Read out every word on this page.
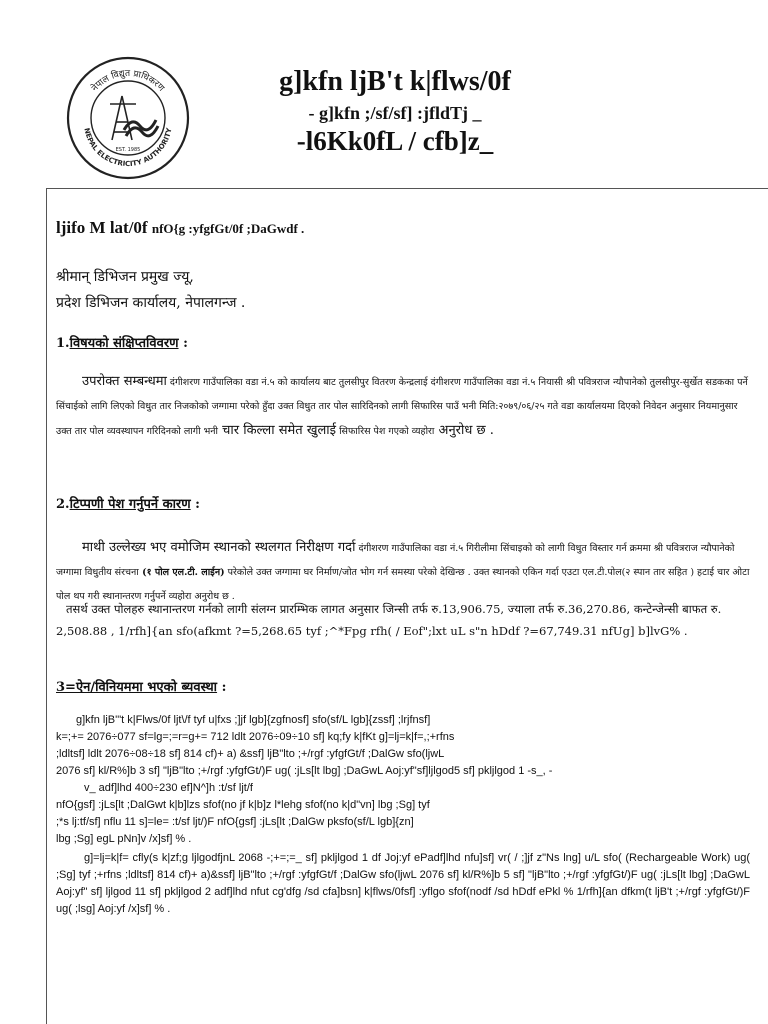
नेपाल विद्युत प्राधिकरण
NEPAL ELECTRICITY AUTHORITY
EST. 1985
g]kfn ljB't k|flws/0f
- g]kfn ;/sf/sf] :jfldTj _
-l6Kk0fL / cfb]z_
ljifo M lat/0f nfO{g :yfgfGt/0f ;DaGwdf .
श्रीमान् डिभिजन प्रमुख ज्यू,
प्रदेश डिभिजन कार्यालय, नेपालगन्ज .
1.विषयको संक्षिप्तविवरण :
उपरोक्त सम्बन्धमा दंगीशरण गाउँपालिका वडा नं.५ को कार्यालय बाट तुलसीपुर वितरण केन्द्रलाई दंगीशरण गाउँपालिका वडा नं.५ नियासी श्री पवित्रराज न्यौपानेको तुलसीपुर-सुर्खेत सडकका पर्ने सिंचाईको लागि लिएको विधुत तार निजकोको जग्गामा परेको हुँदा उक्त विधुत तार पोल सारिदिनको लागी सिफारिस पाउँ भनी मिति:२०७९/०६/२५ गते वडा कार्यालयमा दिएको निवेदन अनुसार नियमानुसार उक्त तार पोल व्यवस्थापन गरिदिनको लागी भनी चार किल्ला समेत खुलाई सिफारिस पेश गएको व्यहोरा अनुरोध छ .
2.टिप्पणी पेश गर्नुपर्ने कारण :
माथी उल्लेख्य भए वमोजिम स्थानको स्थलगत निरीक्षण गर्दा दंगीशरण गाउँपालिका वडा नं.५ गिरीलीमा सिंचाइको को लागी विधुत विस्तार गर्न क्रममा श्री पवित्रराज न्यौपानेको जग्गामा विधुतीय संरचना (१ पोल एल.टी. लाईन) परेकोले उक्त जग्गामा घर निर्माण/जोत भोग गर्न समस्या परेको देखिन्छ . उक्त स्थानको एकिन गर्दा एउटा एल.टी.पोल(२ स्पान तार सहित ) हटाई चार ओटा पोल थप गरी स्थानान्तरण गर्नुपर्ने व्यहोरा अनुरोध छ .
तसर्थ उक्त पोलहरु स्थानान्तरण गर्नको लागी संलग्न प्रारम्भिक लागत अनुसार जिन्सी तर्फ रु.13,906.75, ज्याला तर्फ रु.36,270.86, कन्टेन्जेन्सी बाफत रु. 2,508.88 , 1/rfh]{an sfo(afkmt ?=5,268.65 tyf ;^*Fpg rfh( / Eof";lxt uL s"n hDdf ?=67,749.31 nfUg] b]lvG% .
3=ऐन/विनियममा भएको ब्यवस्था :

g]kfn ljB'"t k|Flws/0f ljt\/f tyf u|fxs ;]jf lgb]{zgfnosf] sfo(sf/L lgb]{zssf] ;lrjfnsf]

k=;+= 2076÷077 sf=lg=;=r=g+= 712 ldlt 2076÷09÷10 sf] kq;fy k|fKt g]=lj=k|f=,;+rfns

;ldltsf] ldlt 2076÷08÷18 sf] 814 cf)+ a) &ssf] ljB"lto ;+/rgf :yfgfGt/f ;DalGw sfo(ljwL

2076 sf] kl/R%]b 3 sf] "ljB"lto ;+/rgf :yfgfGt/)F ug( :jLs[lt lbg] ;DaGwL Aoj:yf"sf]ljlgod5 sf] pkljlgod 1 -s_, -

v_ adf]lhd 400÷230 ef]N^]h :t/sf ljt/f

nfO{gsf] :jLs[lt ;DalGwt k|b]lzs sfof(no jf k|b]z l*lehg sfof(no k|d"vn] lbg ;Sg] tyf

;*s lj:tf/sf] nflu 11 s]=le= :t/sf ljt/)F nfO{gsf] :jLs[lt ;DalGw pksfo(sf/L lgb]{zn]

lbg ;Sg] egL pNn]v /x]sf] % .

g]=lj=k|f= cfly(s k|zf;g ljlgodfjnL 2068 -;+=;=_ sf] pkljlgod 1 df Joj:yf ePadf]lhd nfu]sf] vr( / ;]jf z"Ns lng] u/L sfo( (Rechargeable Work) ug( ;Sg] tyf ;+rfns ;ldltsf] 814 cf)+ a)&ssf] ljB"lto ;+/rgf :yfgfGt/f ;DalGw sfo(ljwL 2076 sf] kl/R%]b 5 sf] "ljB"lto ;+/rgf :yfgfGt/)F ug( :jLs[lt lbg] ;DaGwL Aoj:yf" sf] ljlgod 11 sf] pkljlgod 2 adf]lhd nfut cg'dfg /sd cfa]bsn] k|flws/0fsf] :yflgo sfof(nodf /sd hDdf ePkl % 1/rfh]{an dfkm(t ljB't ;+/rgf :yfgfGt/)F ug( ;lsg] Aoj:yf /x]sf] % .
